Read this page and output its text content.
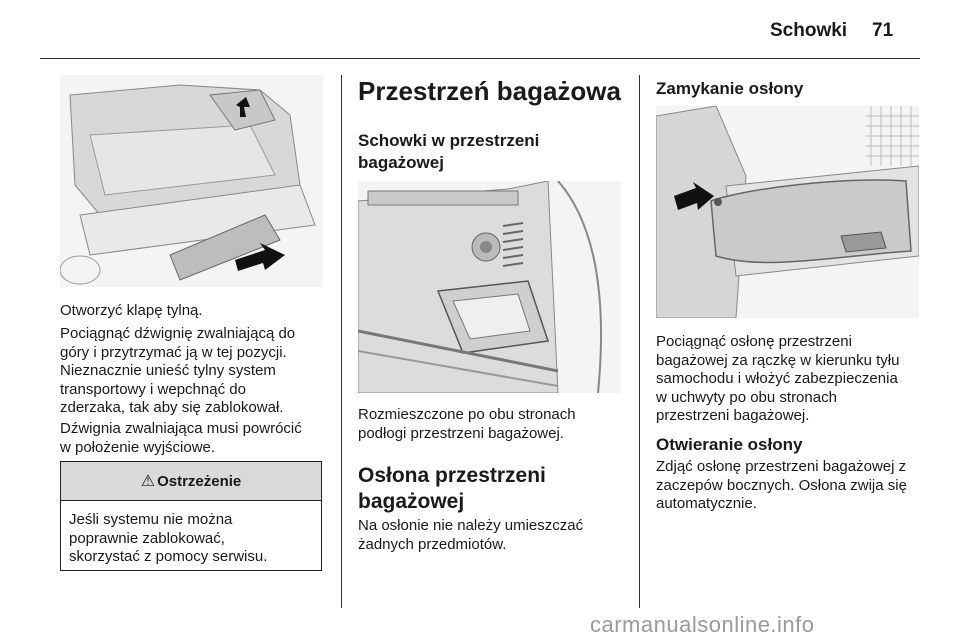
Schowki 71

Otworzyć klapę tylną.

Pociągnąć dźwignię zwalniającą do
góry i przytrzymać ją w tej pozycji.
Nieznacznie unieść tylny system
transportowy i wepchnąć do
zderzaka, tak aby się zablokował.

Dźwignia zwalniająca musi powrócić
w położenie wyjściowe.

⚠ Ostrzeżenie
Jeśli systemu nie można
poprawnie zablokować,
skorzystać z pomocy serwisu.
Przestrzeń bagażowa
Schowki w przestrzeni
bagażowej

Rozmieszczone po obu stronach
podłogi przestrzeni bagażowej.

Osłona przestrzeni
bagażowej

Na osłonie nie należy umieszczać
żadnych przedmiotów.

Zamykanie osłony

Pociągnąć osłonę przestrzeni
bagażowej za rączkę w kierunku tyłu
samochodu i włożyć zabezpieczenia
w uchwyty po obu stronach
przestrzeni bagażowej.

Otwieranie osłony

Zdjąć osłonę przestrzeni bagażowej z
zaczepów bocznych. Osłona zwija się
automatycznie.

carmanualsonline.info
